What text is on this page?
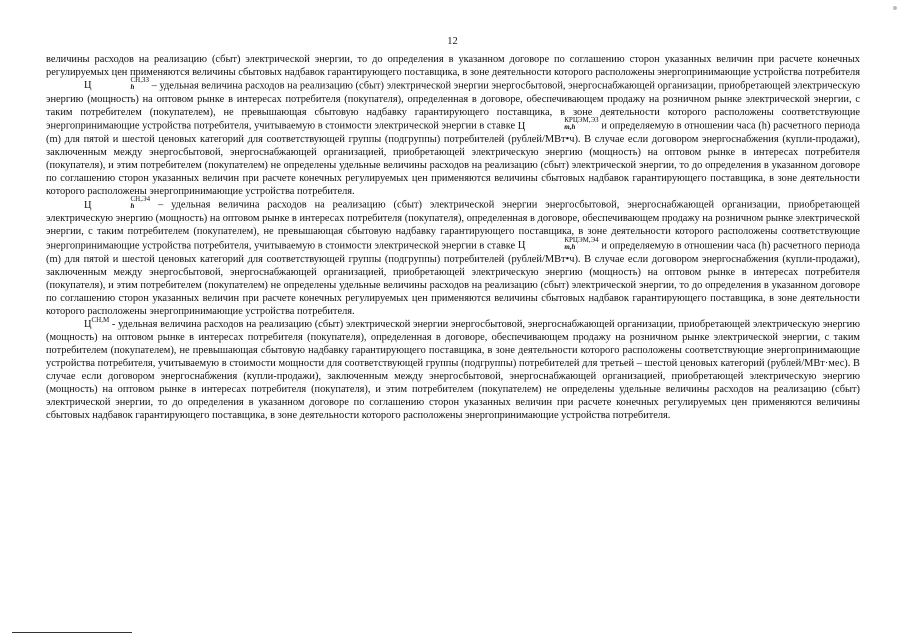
12

величины расходов на реализацию (сбыт) электрической энергии, то до определения в указанном договоре по соглашению сторон указанных величин при расчете конечных регулируемых цен применяются величины сбытовых надбавок гарантирующего поставщика, в зоне деятельности которого расположены энергопринимающие устройства потребителя

Ц
СН,ЗЗ
h	– удельная величина расходов на реализацию (сбыт) электрической энергии энергосбытовой, энергоснабжающей организации, приобретающей электрическую энергию (мощность) на оптовом рынке в интересах потребителя (покупателя), определенная в договоре, обеспечивающем продажу на розничном рынке электрической энергии, с таким потребителем (покупателем), не превышающая сбытовую надбавку гарантирующего поставщика, в зоне деятельности которого расположены соответствующие энергопринимающие устройства потребителя, учитываемую в стоимости электрической энергии в ставке Ц
КРЦЭМ,ЭЗ
m,h	и определяемую в отношении часа (h) расчетного периода (m) для пятой и шестой ценовых категорий для соответствующей группы (подгруппы) потребителей (рублей/МВт•ч). В случае если договором энергоснабжения (купли-продажи), заключенным между энергосбытовой, энергоснабжающей организацией, приобретающей электрическую энергию (мощность) на оптовом рынке в интересах потребителя (покупателя), и этим потребителем (покупателем) не определены удельные величины расходов на реализацию (сбыт) электрической энергии, то до определения в указанном договоре по соглашению сторон указанных величин при расчете конечных регулируемых цен применяются величины сбытовых надбавок гарантирующего поставщика, в зоне деятельности которого расположены энергопринимающие устройства потребителя.

Ц
СН,Э4
h	– удельная величина расходов на реализацию (сбыт) электрической энергии энергосбытовой, энергоснабжающей организации, приобретающей электрическую энергию (мощность) на оптовом рынке в интересах потребителя (покупателя), определенная в договоре, обеспечивающем продажу на розничном рынке электрической энергии, с таким потребителем (покупателем), не превышающая сбытовую надбавку гарантирующего поставщика, в зоне деятельности которого расположены соответствующие энергопринимающие устройства потребителя, учитываемую в стоимости электрической энергии в ставке Ц
КРЦЭМ,Э4
m,h	и определяемую в отношении часа (h) расчетного периода (m) для пятой и шестой ценовых категорий для соответствующей группы (подгруппы) потребителей (рублей/МВт•ч). В случае если договором энергоснабжения (купли-продажи), заключенным между энергосбытовой, энергоснабжающей организацией, приобретающей электрическую энергию (мощность) на оптовом рынке в интересах потребителя (покупателя), и этим потребителем (покупателем) не определены удельные величины расходов на реализацию (сбыт) электрической энергии, то до определения в указанном договоре по соглашению сторон указанных величин при расчете конечных регулируемых цен применяются величины сбытовых надбавок гарантирующего поставщика, в зоне деятельности которого расположены энергопринимающие устройства потребителя.

$Ц^{СН,М}$ - удельная величина расходов на реализацию (сбыт) электрической энергии энергосбытовой, энергоснабжающей организации, приобретающей электрическую энергию (мощность) на оптовом рынке в интересах потребителя (покупателя), определенная в договоре, обеспечивающем продажу на розничном рынке электрической энергии, с таким потребителем (покупателем), не превышающая сбытовую надбавку гарантирующего поставщика, в зоне деятельности которого расположены соответствующие энергопринимающие устройства потребителя, учитываемую в стоимости мощности для соответствующей группы (подгруппы) потребителей для третьей – шестой ценовых категорий (рублей/МВт·мес). В случае если договором энергоснабжения (купли-продажи), заключенным между энергосбытовой, энергоснабжающей организацией, приобретающей электрическую энергию (мощность) на оптовом рынке в интересах потребителя (покупателя), и этим потребителем (покупателем) не определены удельные величины расходов на реализацию (сбыт) электрической энергии, то до определения в указанном договоре по соглашению сторон указанных величин при расчете конечных регулируемых цен применяются величины сбытовых надбавок гарантирующего поставщика, в зоне деятельности которого расположены энергопринимающие устройства потребителя.
